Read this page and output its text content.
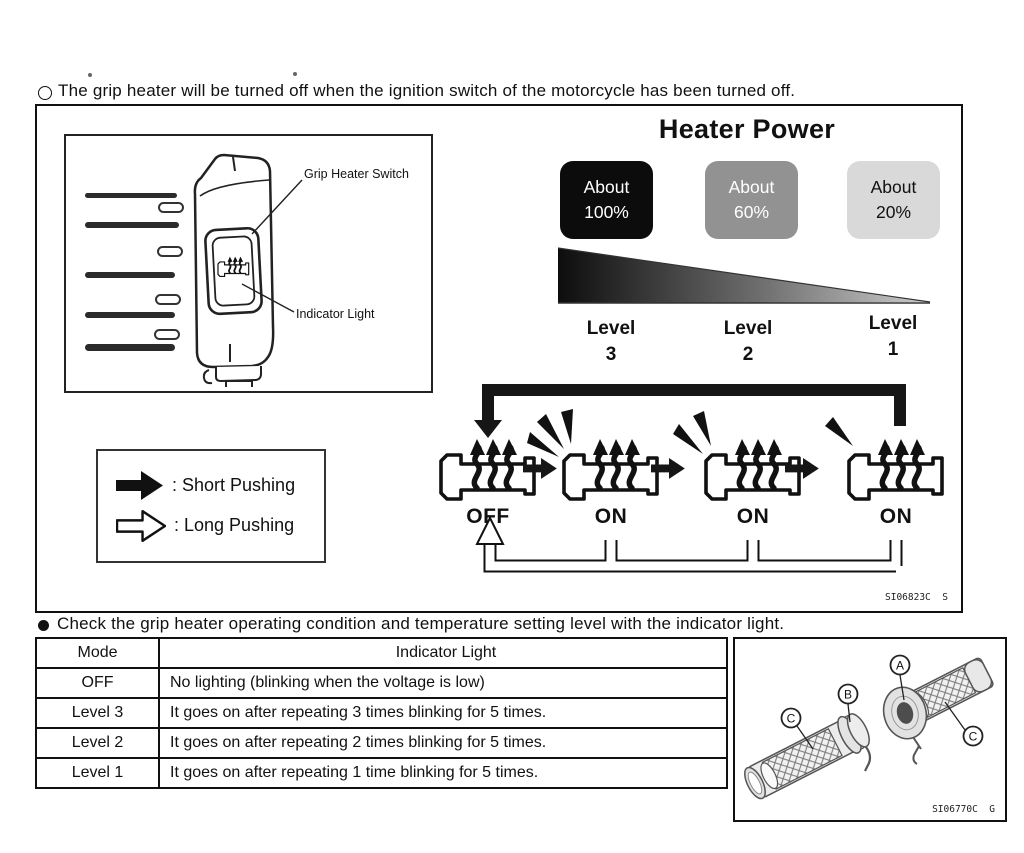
The grip heater will be turned off when the ignition switch of the motorcycle has been turned off.
Grip Heater Switch
Indicator Light
Heater Power
About
100%
About
60%
About
20%
Level
3
Level
2
Level
1
OFF	ON	ON	ON
: Short Pushing
: Long Pushing
SI06823C  S
Check the grip heater operating condition and temperature setting level with the indicator light.
Mode	Indicator Light
OFF	No lighting (blinking when the voltage is low)
Level 3	It goes on after repeating 3 times blinking for 5 times.
Level 2	It goes on after repeating 2 times blinking for 5 times.
Level 1	It goes on after repeating 1 time blinking for 5 times.
A
B
C
C
SI06770C  G
